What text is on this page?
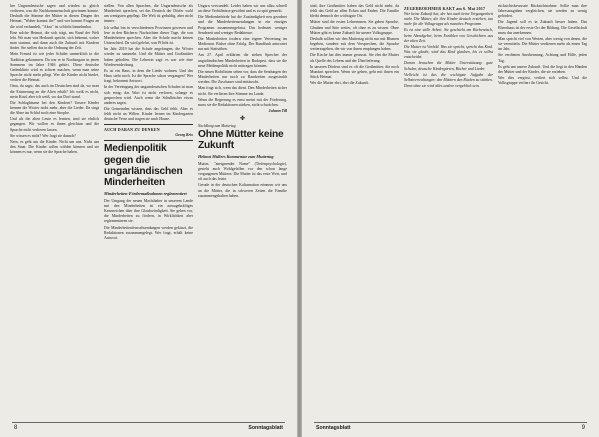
her Ungarndeutsche sagen und würden so gleich verlieren, was die Nachkommenschaft gewinnen konnte. Deshalb die Stimme der Mütter in diesen Dingen der Heimat; "Woher kommt ihr?" und wer kommt Fragen an die wird verhandelt, "Akzo" ist schlicht hinnehmbar.

Eine solche Heimat, die sich trägt, am Rand der Welt lebt. Wo man von Herkunft spricht, sich bekennt, woher man stammt, und dann auch die Zukunft mit Kindern findet. Sie stellen das in die Ordnung der Zeit.

Mein Freund ist wie jeder Schüler unmerklich in die Tradition gekommen. Da war er in Nordungarn in jenen Sommern im Jahre 1946 gehört. Diese deutsche Gedenklinie wird es schwer machen, wenn man seine Sprache nicht mehr pflegt. Wer die Kinder nicht bindet, verliert die Heimat.

Oma, du sagst, das auch im Deutschen sind da, wo man die Erinnerung an die Alten erhält? Ich weiß es nicht, mein Kind, aber ich weiß, wo das Dorf stand.

Die Schlagbäume bei den Kindern? Unsere Kinder kennen die Wörter nicht mehr, aber die Lieder. Da singt die Ahne im Schlaf noch eine Strophe.

Und als die alten Leute es lernten, sind sie ehrlich gegangen. Wir wollen es ihnen gleichtun und die Sprache nicht verlieren lassen.

Sie wissen es nicht? Wer fragt sie danach?

Nein, es geht um die Kinder. Nicht um uns. Nicht um den Staat. Die Kinder sollen wählen können und sie können es nur, wenn sie die Sprache haben.

stellen. Von allen Sprachen, die Ungarndeutsche als Minderheit sprechen, sei das Deutsch der Dörfer wohl am wenigsten gepflegt. Die Welt ist geduldig, aber nicht immer.

Ich selbst bin in verschiedenen Provinzen gewesen und lese in den Büchern: Nachrichten dieser Tage, die von Minderheiten sprechen. Aber die Schule macht keinen Unterschied. Da wird gelehrt, was Pflicht ist.

Im Jahr 2019 hat die Schule angefangen, die Wörter wieder zu sammeln. Und die Mütter und Großmütter haben geholfen. Die Lehrerin sagt: es war wie eine Wiederentdeckung.

Es ist ein Haus, in dem die Lieder wohnen. Und das Haus steht noch. Ist die Sprache schon vergangen? Wer fragt, bekommt Antwort.

In der Vereinigung der ungarndeutschen Schulen ist man sich einig: das Wort ist nicht verloren, solange es gesprochen wird. Auch wenn die Schulbücher etwas anderes sagen.

Die Gemeinden wissen, dass das Geld fehlt. Aber es fehlt nicht an Willen. Kinder lernen im Kindergarten deutsche Verse und tragen sie nach Hause.

AUCH DARAN ZU DENKEN
Georg Krix
Medienpolitik gegen die ungarländischen Minderheiten
Minderheiten-Fördermaßnahmen reglementiert

Der Umgang der neuen Machthaber in unserem Lande mit den Minderheiten ist ein aussagekräftiges Kennzeichen über ihre Glaubwürdigkeit. Sie geben vor, die Minderheiten zu fördern, in Wirklichkeit aber reglementieren sie.

Die Minderheitenfernsehsendungen werden gekürzt, die Redaktionen zusammengelegt. Wer fragt, erhält keine Antwort.

Ungarn verwandelt. Leider haben wir uns allzu schnell an diese Verhältnisse gewöhnt und es zu spät gemerkt.

Die Medienbehörde hat die Zuständigkeit neu geordnet und die Minderheitensendungen in ein einziges Programm zusammengefasst. Das bedeutet weniger Sendezeit und weniger Redakteure.

Die Minderheiten fordern eine eigene Vertretung im Medienrat. Bisher ohne Erfolg. Der Rundfunk antwortet nur mit Statistiken.

Am 27. April erklärten die sieben Sprecher der ungarländischen Minderheiten in Budapest, dass sie die neue Medienpolitik nicht mittragen könnten.

Die neuen Richtlinien sehen vor, dass die Sendungen der Minderheiten nur noch zu Randzeiten ausgestrahlt werden. Die Zuschauer sind enttäuscht.

Man fragt sich, wem das dient. Den Minderheiten sicher nicht. Sie verlieren ihre Stimme im Lande.

Wenn die Regierung es ernst meint mit der Förderung, muss sie die Redaktionen stärken, nicht schwächen.

Johann Till
✤
Nachklang zum Muttertag
Ohne Mütter keine Zukunft
Helmut Müllers Kommentar zum Muttertag

Mutter, "aneignender Name" (Tiefenpsychologie), gesteht auch Wohlgefallen vor den schon lange vergangenen Müttern. Die Mutter ist das erste Wort, und oft auch das letzte.

Gerade in der deutschen Kulturnation erinnern wir uns an die Mütter, die in schweren Zeiten die Familie zusammengehalten haben.

8	Sonntagsblatt

sind, ihre Großmütter haben das Geld nicht mehr, da fehlt das Geld an allen Ecken und Enden. Die Familie bleibt dennoch der wichtigste Ort.

Mütter sind die ersten Lehrerinnen. Sie geben Sprache, Glauben und Sitte weiter, oft ohne es zu wissen. Ohne Mütter gibt es keine Zukunft für unsere Volksgruppe.

Deshalb sollten wir den Muttertag nicht nur mit Blumen begehen, sondern mit dem Versprechen, die Sprache weiterzugeben, die wir von ihnen empfangen haben.

Die Kirche hat dies immer gewusst. Sie ehrt die Mutter als Quelle des Lebens und der Überlieferung.

In unseren Dörfern sind es oft die Großmütter, die noch Mundart sprechen. Wenn sie gehen, geht mit ihnen ein Stück Heimat.

Wer die Mutter ehrt, ehrt die Zukunft.

ZEGERBOEHMER KAKT am 6. Mai 2017

Wer keine Zukunft hat, der hat auch keine Vergangenheit mehr. Die Mütter, die ihre Kinder deutsch erziehen, tun mehr für die Volksgruppe als manches Programm.

Es ist eine stille Arbeit. Sie geschieht am Küchentisch, beim Abendgebet, beim Erzählen von Geschichten aus der alten Zeit.

Die Mutter ist Vorbild. Was sie spricht, spricht das Kind. Was sie glaubt, wird das Kind glauben, bis es selbst entscheidet.

Darum brauchen die Mütter Unterstützung: gute Schulen, deutsche Kindergärten, Bücher und Lieder.

Vielleicht ist das die wichtigste Aufgabe der Selbstverwaltungen: den Müttern den Rücken zu stärken.

Denn ohne sie wird alles andere vergeblich sein.

rücksichtsbewusste Rücksichtnahme. Sollte man ihre Jahresausgaben vergleichen, sie werden zu wenig gefördert.

Die Jugend soll es in Zukunft besser haben. Das Elternhaus ist der erste Ort der Bildung. Die Gesellschaft muss das anerkennen.

Man spricht viel von Werten, aber wenig von denen, die sie vermitteln. Die Mütter verdienen mehr als einen Tag im Jahr.

Sie verdienen Anerkennung, Achtung und Hilfe, jeden Tag.

Es geht um unsere Zukunft. Und die liegt in den Händen der Mütter und der Kinder, die sie erziehen.

Wer dies vergisst, verliert sich selbst. Und die Volksgruppe verliert ihr Gesicht.

Sonntagsblatt	9
